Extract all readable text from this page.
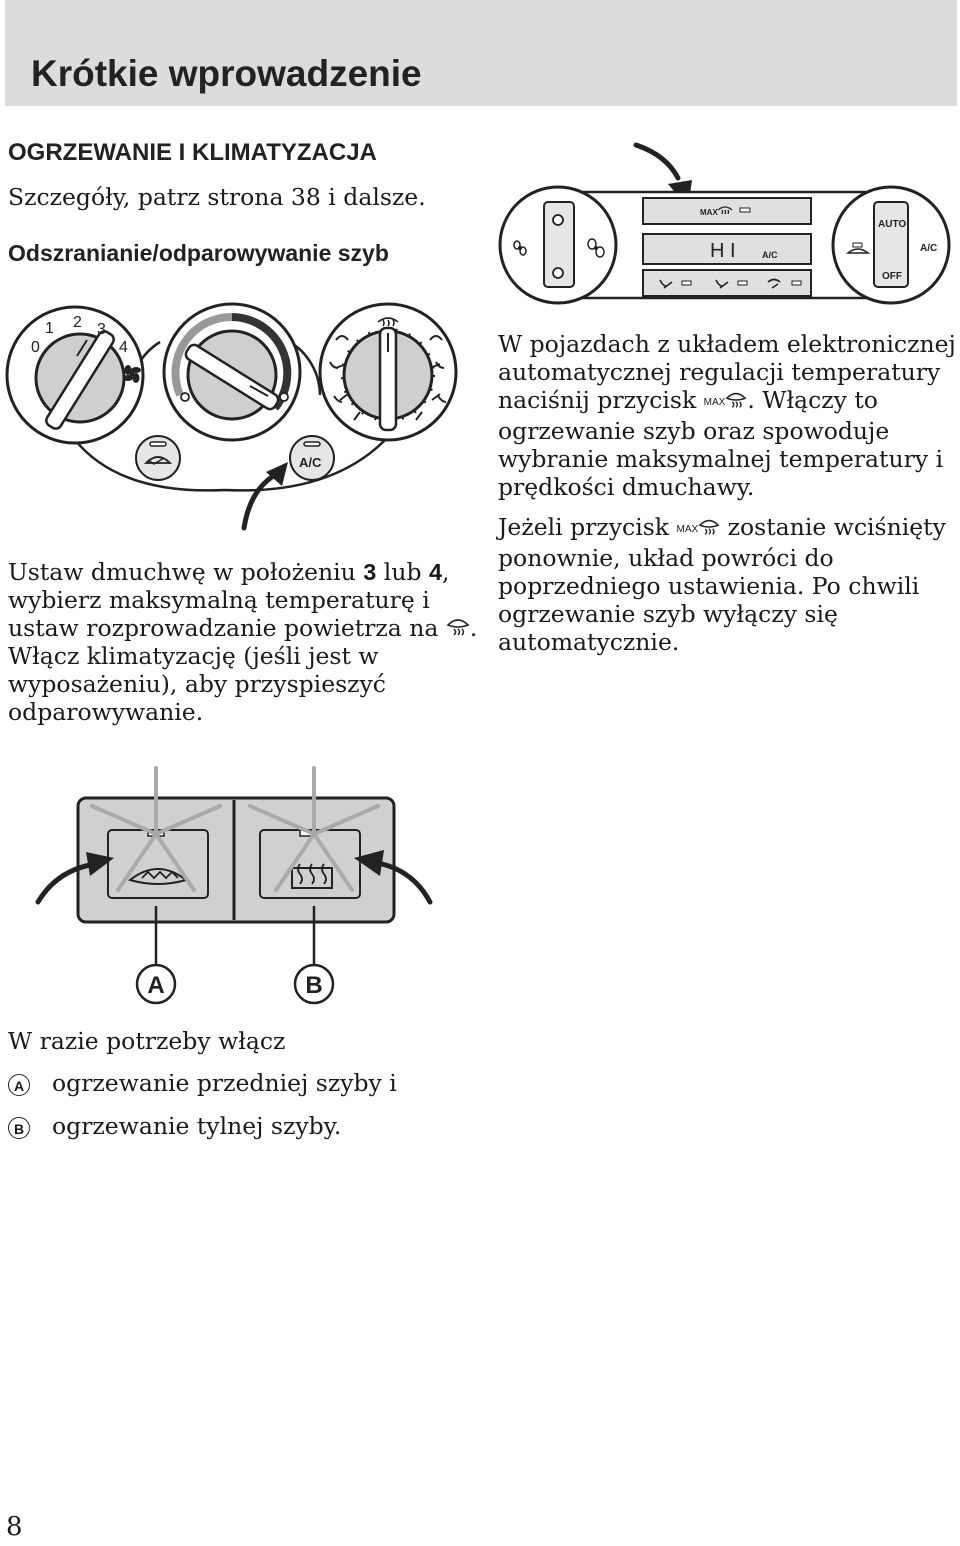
Krótkie wprowadzenie
OGRZEWANIE I KLIMATYZACJA
Szczegóły, patrz strona 38 i dalsze.
Odszranianie/odparowywanie szyb
0
1 2 3
4
A/C
Ustaw dmuchwę w położeniu 3 lub 4,
wybierz maksymalną temperaturę i
ustaw rozprowadzanie powietrza na .
Włącz klimatyzację (jeśli jest w
wyposażeniu), aby przyspieszyć
odparowywanie.
MAX
H I	A/C
AUTO
OFF
A/C
W pojazdach z układem elektronicznej
automatycznej regulacji temperatury
naciśnij przycisk MAX . Włączy to
ogrzewanie szyb oraz spowoduje
wybranie maksymalnej temperatury i
prędkości dmuchawy.
Jeżeli przycisk MAX zostanie wciśnięty
ponownie, układ powróci do
poprzedniego ustawienia. Po chwili
ogrzewanie szyb wyłączy się
automatycznie.
A	B
W razie potrzeby włącz
A ogrzewanie przedniej szyby i
B ogrzewanie tylnej szyby.
8
